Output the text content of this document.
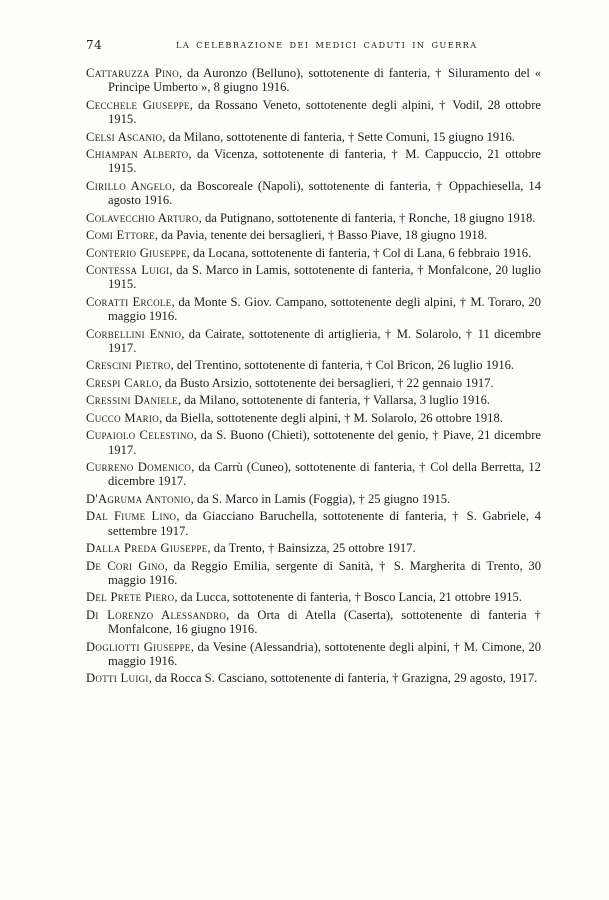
74	LA CELEBRAZIONE DEI MEDICI CADUTI IN GUERRA

Cattaruzza Pino, da Auronzo (Belluno), sottotenente di fanteria, † Siluramento del « Principe Umberto », 8 giugno 1916.

Cecchele Giuseppe, da Rossano Veneto, sottotenente degli alpini, † Vodil, 28 ottobre 1915.

Celsi Ascanio, da Milano, sottotenente di fanteria, † Sette Comuni, 15 giugno 1916.

Chiampan Alberto, da Vicenza, sottotenente di fanteria, † M. Cappuccio, 21 ottobre 1915.

Cirillo Angelo, da Boscoreale (Napoli), sottotenente di fanteria, † Oppachiesella, 14 agosto 1916.

Colavecchio Arturo, da Putignano, sottotenente di fanteria, † Ronche, 18 giugno 1918.

Comi Ettore, da Pavia, tenente dei bersaglieri, † Basso Piave, 18 giugno 1918.

Conterio Giuseppe, da Locana, sottotenente di fanteria, † Col di Lana, 6 febbraio 1916.

Contessa Luigi, da S. Marco in Lamis, sottotenente di fanteria, † Monfalcone, 20 luglio 1915.

Coratti Ercole, da Monte S. Giov. Campano, sottotenente degli alpini, † M. Toraro, 20 maggio 1916.

Corbellini Ennio, da Cairate, sottotenente di artiglieria, † M. Solarolo, † 11 dicembre 1917.

Crescini Pietro, del Trentino, sottotenente di fanteria, † Col Bricon, 26 luglio 1916.

Crespi Carlo, da Busto Arsizio, sottotenente dei bersaglieri, † 22 gennaio 1917.

Cressini Daniele, da Milano, sottotenente di fanteria, † Vallarsa, 3 luglio 1916.

Cucco Mario, da Biella, sottotenente degli alpini, † M. Solarolo, 26 ottobre 1918.

Cupaiolo Celestino, da S. Buono (Chieti), sottotenente del genio, † Piave, 21 dicembre 1917.

Curreno Domenico, da Carrù (Cuneo), sottotenente di fanteria, † Col della Berretta, 12 dicembre 1917.

D'Agruma Antonio, da S. Marco in Lamis (Foggia), † 25 giugno 1915.

Dal Fiume Lino, da Giacciano Baruchella, sottotenente di fanteria, † S. Gabriele, 4 settembre 1917.

Dalla Preda Giuseppe, da Trento, † Bainsizza, 25 ottobre 1917.

De Cori Gino, da Reggio Emilia, sergente di Sanità, † S. Margherita di Trento, 30 maggio 1916.

Del Prete Piero, da Lucca, sottotenente di fanteria, † Bosco Lancia, 21 ottobre 1915.

Di Lorenzo Alessandro, da Orta di Atella (Caserta), sottotenente di fanteria † Monfalcone, 16 giugno 1916.

Dogliotti Giuseppe, da Vesine (Alessandria), sottotenente degli alpini, † M. Cimone, 20 maggio 1916.

Dotti Luigi, da Rocca S. Casciano, sottotenente di fanteria, † Grazigna, 29 agosto, 1917.
